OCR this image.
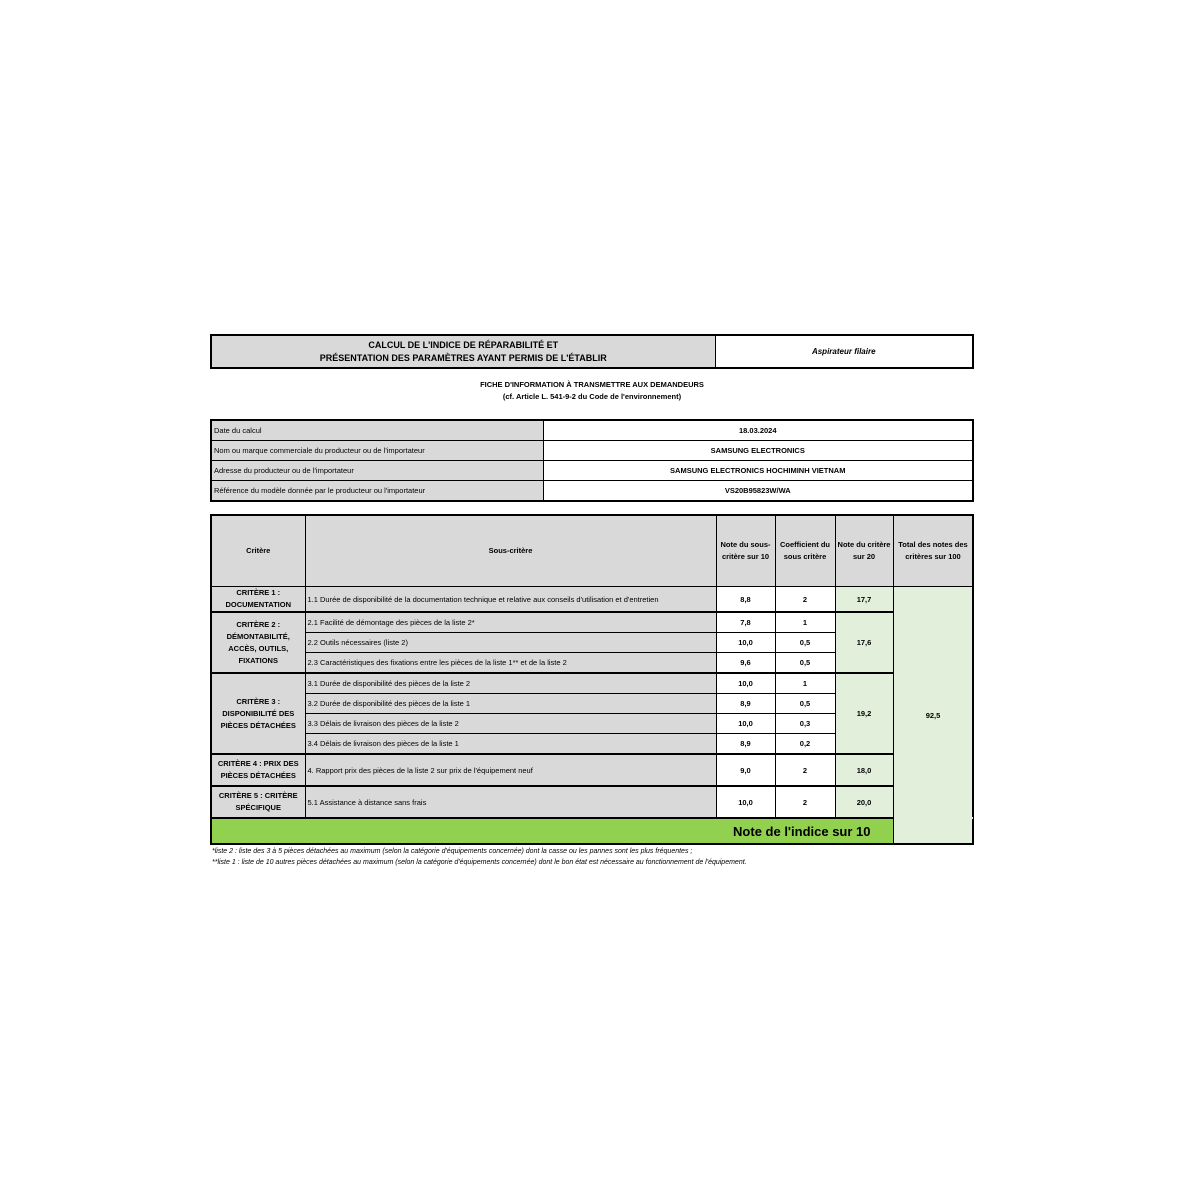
CALCUL DE L'INDICE DE RÉPARABILITÉ ET
PRÉSENTATION DES PARAMÈTRES AYANT PERMIS DE L'ÉTABLIR
	Aspirateur filaire
FICHE D'INFORMATION À TRANSMETTRE AUX DEMANDEURS
(cf. Article L. 541-9-2 du Code de l'environnement)
Date du calcul	18.03.2024
Nom ou marque commerciale du producteur ou de l'importateur	SAMSUNG ELECTRONICS
Adresse du producteur ou de l'importateur	SAMSUNG ELECTRONICS HOCHIMINH VIETNAM
Référence du modèle donnée par le producteur ou l'importateur	VS20B95823W/WA
Critère	Sous-critère	Note du sous-critère sur 10	Coefficient du sous critère	Note du critère sur 20	Total des notes des critères sur 100	
CRITÈRE 1 : DOCUMENTATION	1.1 Durée de disponibilité de la documentation technique et relative aux conseils d'utilisation et d'entretien	8,8	2	17,7	92,5	
CRITÈRE 2 : DÉMONTABILITÉ, ACCÈS, OUTILS, FIXATIONS	2.1 Facilité de démontage des pièces de la liste 2*	7,8	1	17,6		
	2.2 Outils nécessaires (liste 2)	10,0	0,5			
	2.3 Caractéristiques des fixations entre les pièces de la liste 1** et de la liste 2	9,6	0,5			
CRITÈRE 3 : DISPONIBILITÉ DES PIÈCES DÉTACHÉES	3.1 Durée de disponibilité des pièces de la liste 2	10,0	1	19,2		
	3.2 Durée de disponibilité des pièces de la liste 1	8,9	0,5			
	3.3 Délais de livraison des pièces de la liste 2	10,0	0,3			
	3.4 Délais de livraison des pièces de la liste 1	8,9	0,2			
CRITÈRE 4 : PRIX DES PIÈCES DÉTACHÉES	4. Rapport prix des pièces de la liste 2 sur prix de l'équipement neuf	9,0	2	18,0		
CRITÈRE 5 : CRITÈRE SPÉCIFIQUE	5.1 Assistance à distance sans frais	10,0	2	20,0		
Note de l'indice sur 10	
*liste 2 : liste des 3 à 5 pièces détachées au maximum (selon la catégorie d'équipements concernée) dont la casse ou les pannes sont les plus fréquentes ;
**liste 1 : liste de 10 autres pièces détachées au maximum (selon la catégorie d'équipements concernée) dont le bon état est nécessaire au fonctionnement de l'équipement.
